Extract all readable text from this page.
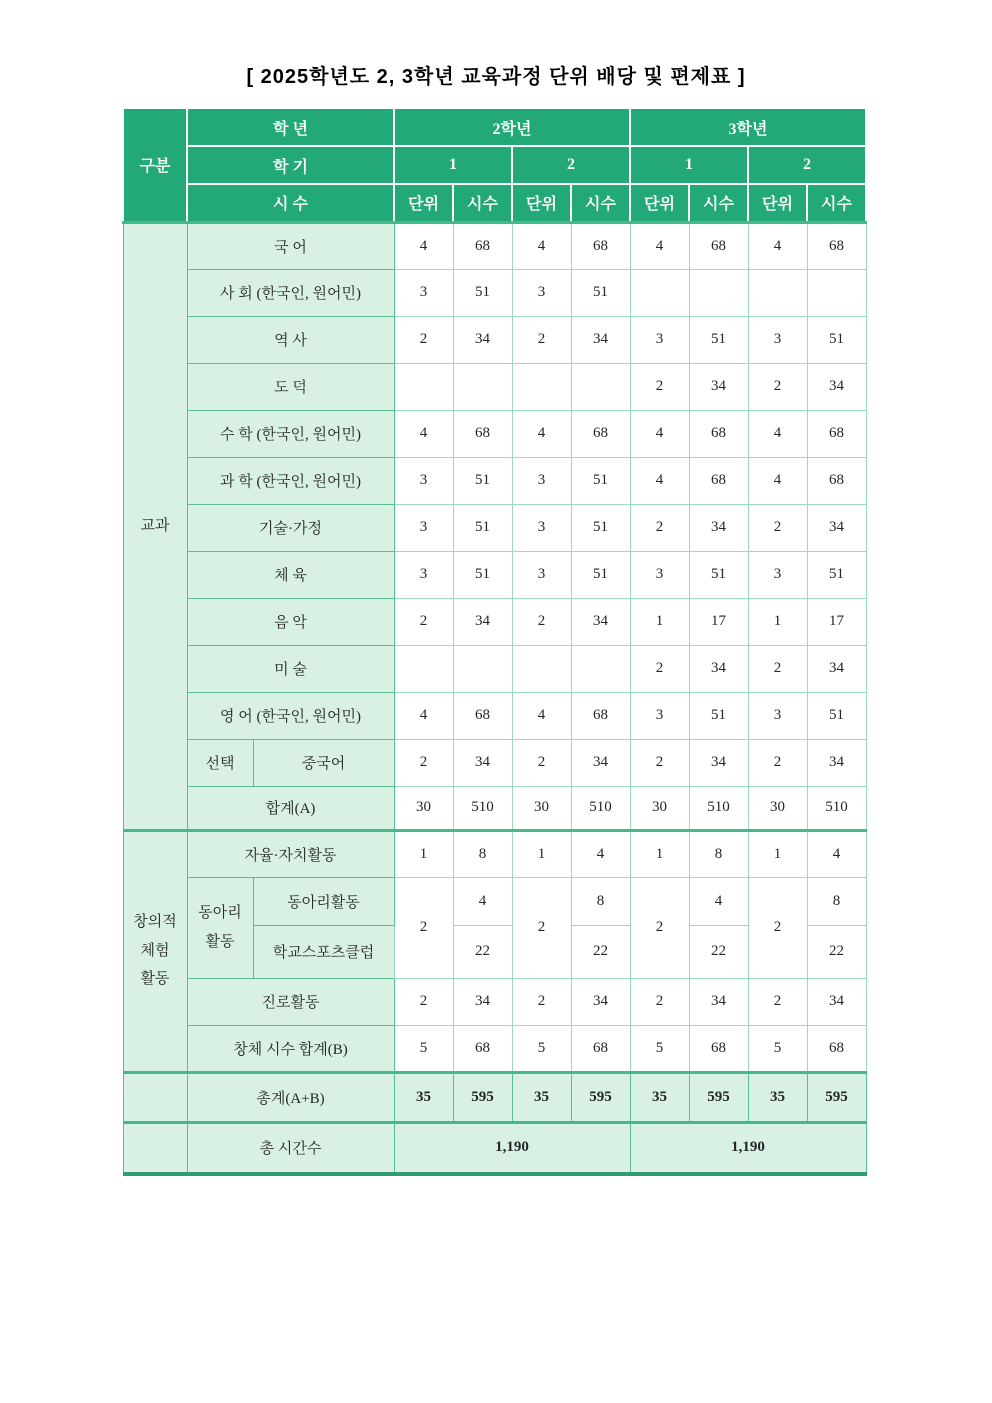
[ 2025학년도 2, 3학년 교육과정 단위 배당 및 편제표 ]
구분	학 년		2학년				3학년			
	학 기		1		2		1		2	
	시 수		단위	시수	단위	시수	단위	시수	단위	시수
교과	국 어		4	68	4	68	4	68	4	68
	사 회 (한국인, 원어민)		3	51	3	51				
	역 사		2	34	2	34	3	51	3	51
	도 덕						2	34	2	34
	수 학 (한국인, 원어민)		4	68	4	68	4	68	4	68
	과 학 (한국인, 원어민)		3	51	3	51	4	68	4	68
	기술·가정		3	51	3	51	2	34	2	34
	체 육		3	51	3	51	3	51	3	51
	음 악		2	34	2	34	1	17	1	17
	미 술						2	34	2	34
	영 어 (한국인, 원어민)		4	68	4	68	3	51	3	51
	선택	중국어	2	34	2	34	2	34	2	34
	합계(A)		30	510	30	510	30	510	30	510
창의적 체험 활동	자율·자치활동		1	8	1	4	1	8	1	4
	동아리 활동	동아리활동	2	4	2	8	2	4	2	8
		학교스포츠클럽		22		22		22		22
	진로활동		2	34	2	34	2	34	2	34
	창체 시수 합계(B)		5	68	5	68	5	68	5	68
	총계(A+B)		35	595	35	595	35	595	35	595
	총 시간수		1,190				1,190			
